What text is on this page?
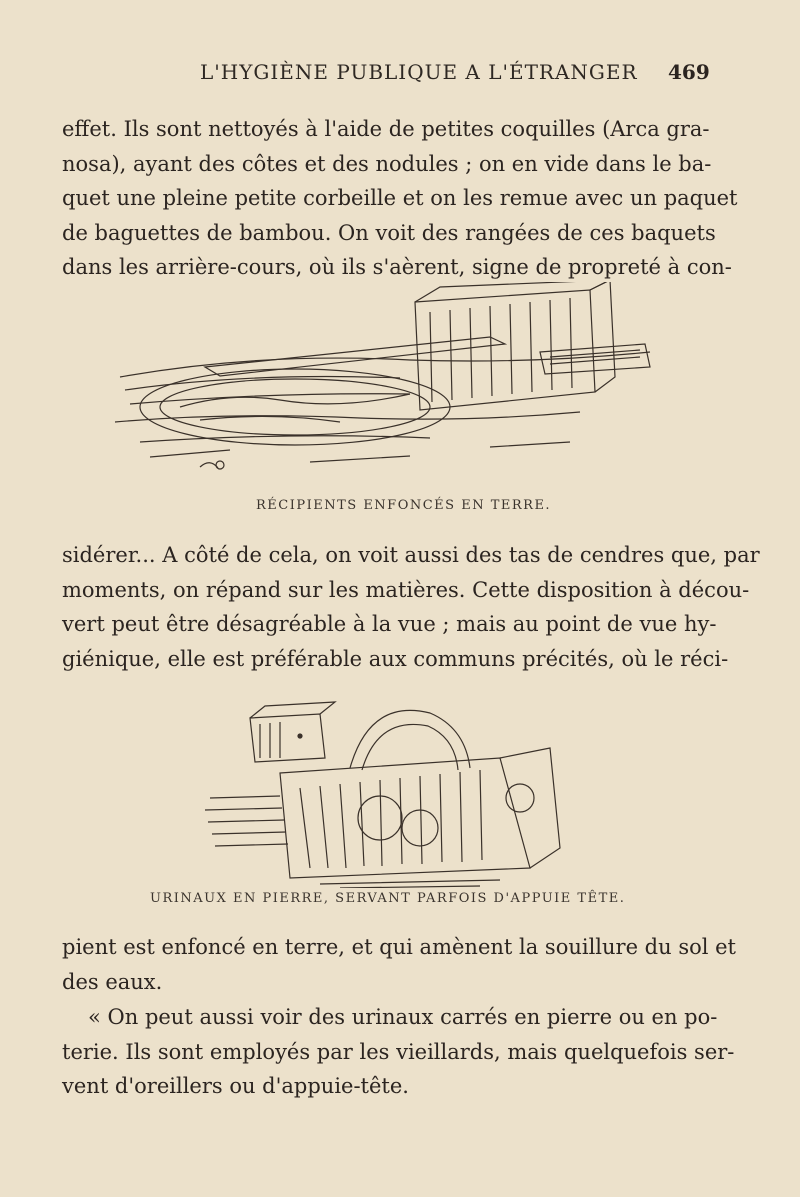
L'HYGIÈNE PUBLIQUE A L'ÉTRANGER 469
effet. Ils sont nettoyés à l'aide de petites coquilles (Arca gra-
nosa), ayant des côtes et des nodules ; on en vide dans le ba-
quet une pleine petite corbeille et on les remue avec un paquet
de baguettes de bambou. On voit des rangées de ces baquets
dans les arrière-cours, où ils s'aèrent, signe de propreté à con-
RÉCIPIENTS ENFONCÉS EN TERRE.
sidérer... A côté de cela, on voit aussi des tas de cendres que, par
moments, on répand sur les matières. Cette disposition à décou-
vert peut être désagréable à la vue ; mais au point de vue hy-
giénique, elle est préférable aux communs précités, où le réci-
URINAUX EN PIERRE, SERVANT PARFOIS D'APPUIE TÊTE.
pient est enfoncé en terre, et qui amènent la souillure du sol et
des eaux.
« On peut aussi voir des urinaux carrés en pierre ou en po-
terie. Ils sont employés par les vieillards, mais quelquefois ser-
vent d'oreillers ou d'appuie-tête.
